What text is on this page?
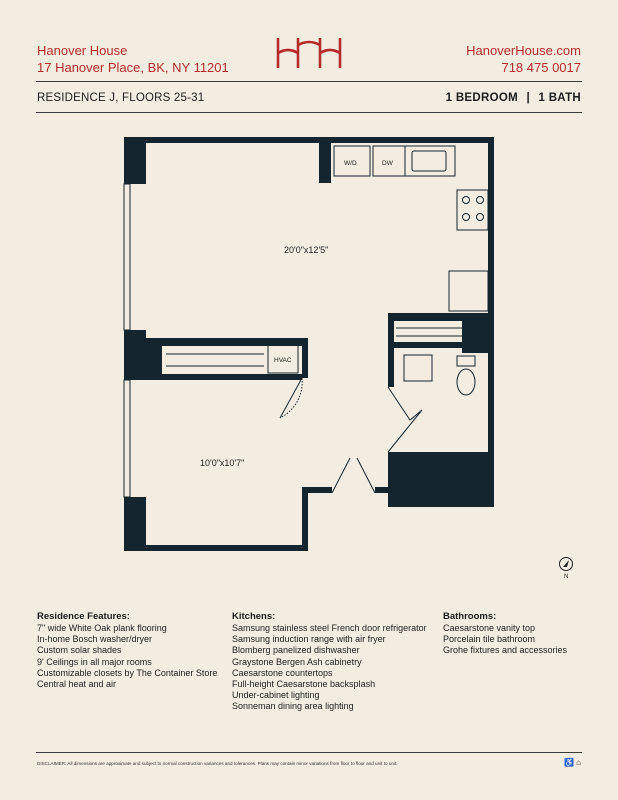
Hanover House
17 Hanover Place, BK, NY 11201
HanoverHouse.com
718 475 0017
RESIDENCE J, FLOORS 25-31	1 BEDROOM | 1 BATH
20'0"x12'5"
10'0"x10'7"
W/D	DW
HVAC
N
Residence Features:
7" wide White Oak plank flooring
In-home Bosch washer/dryer
Custom solar shades
9' Ceilings in all major rooms
Customizable closets by The Container Store
Central heat and air
Kitchens:
Samsung stainless steel French door refrigerator
Samsung induction range with air fryer
Blomberg panelized dishwasher
Graystone Bergen Ash cabinetry
Caesarstone countertops
Full-height Caesarstone backsplash
Under-cabinet lighting
Sonneman dining area lighting
Bathrooms:
Caesarstone vanity top
Porcelain tile bathroom
Grohe fixtures and accessories
DISCLAIMER: All dimensions are approximate and subject to normal construction variances and tolerances. Plans may contain minor variations from floor to floor and unit to unit.	♿ ⌂
